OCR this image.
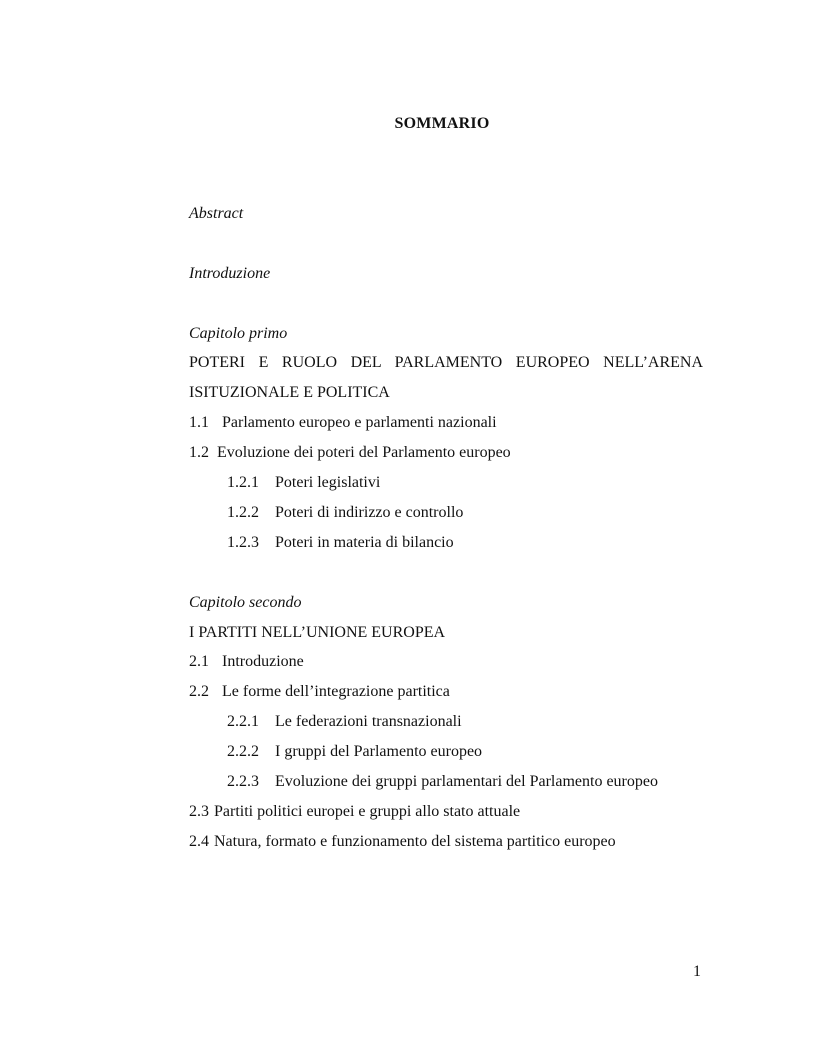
SOMMARIO
Abstract
Introduzione
Capitolo primo
POTERI E RUOLO DEL PARLAMENTO EUROPEO NELL’ARENA
ISITUZIONALE E POLITICA
1.1 Parlamento europeo e parlamenti nazionali
1.2 Evoluzione dei poteri del Parlamento europeo
1.2.1 Poteri legislativi
1.2.2 Poteri di indirizzo e controllo
1.2.3 Poteri in materia di bilancio
Capitolo secondo
I PARTITI NELL’UNIONE EUROPEA
2.1 Introduzione
2.2 Le forme dell’integrazione partitica
2.2.1 Le federazioni transnazionali
2.2.2 I gruppi del Parlamento europeo
2.2.3 Evoluzione dei gruppi parlamentari del Parlamento europeo
2.3 Partiti politici europei e gruppi allo stato attuale
2.4 Natura, formato e funzionamento del sistema partitico europeo
1
